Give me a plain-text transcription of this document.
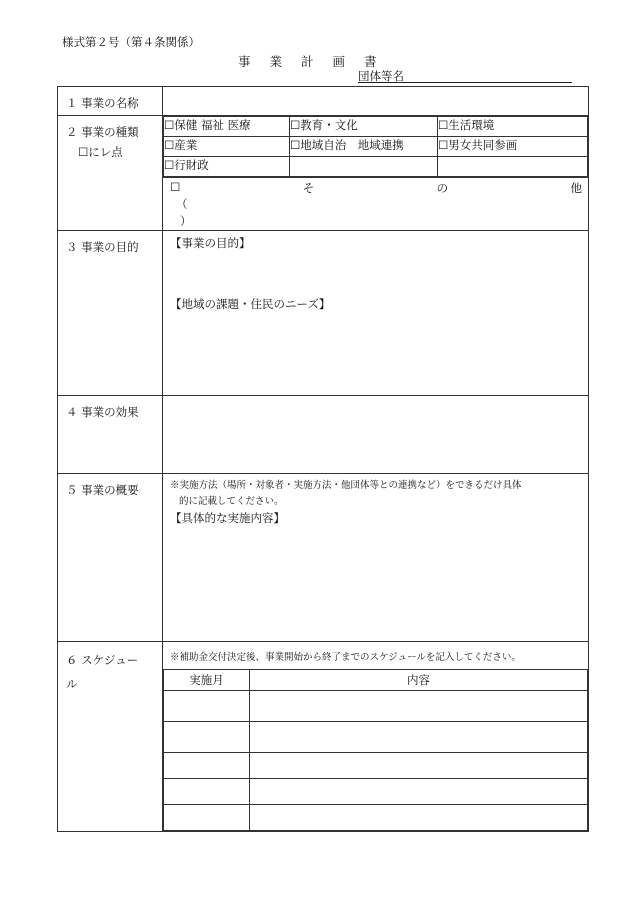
様式第２号（第４条関係）
事業計画書
団体等名
１ 事業の名称	

２ 事業の種類
☐にレ点

☐保健 福祉 医療	☐教育・文化	☐生活環境
☐産業	☐地域自治　地域連携	☐男女共同参画
☐行財政		
☐	そ	の	他
（
）

３ 事業の目的	【事業の目的】
【地域の課題・住民のニーズ】

４ 事業の効果	
５ 事業の概要	※実施方法（場所・対象者・実施方法・他団体等との連携など）をできるだけ具体
的に記載してください。
【具体的な実施内容】

６ スケジュー
ル

※補助金交付決定後、事業開始から終了までのスケジュールを記入してください。
実施月	内容
